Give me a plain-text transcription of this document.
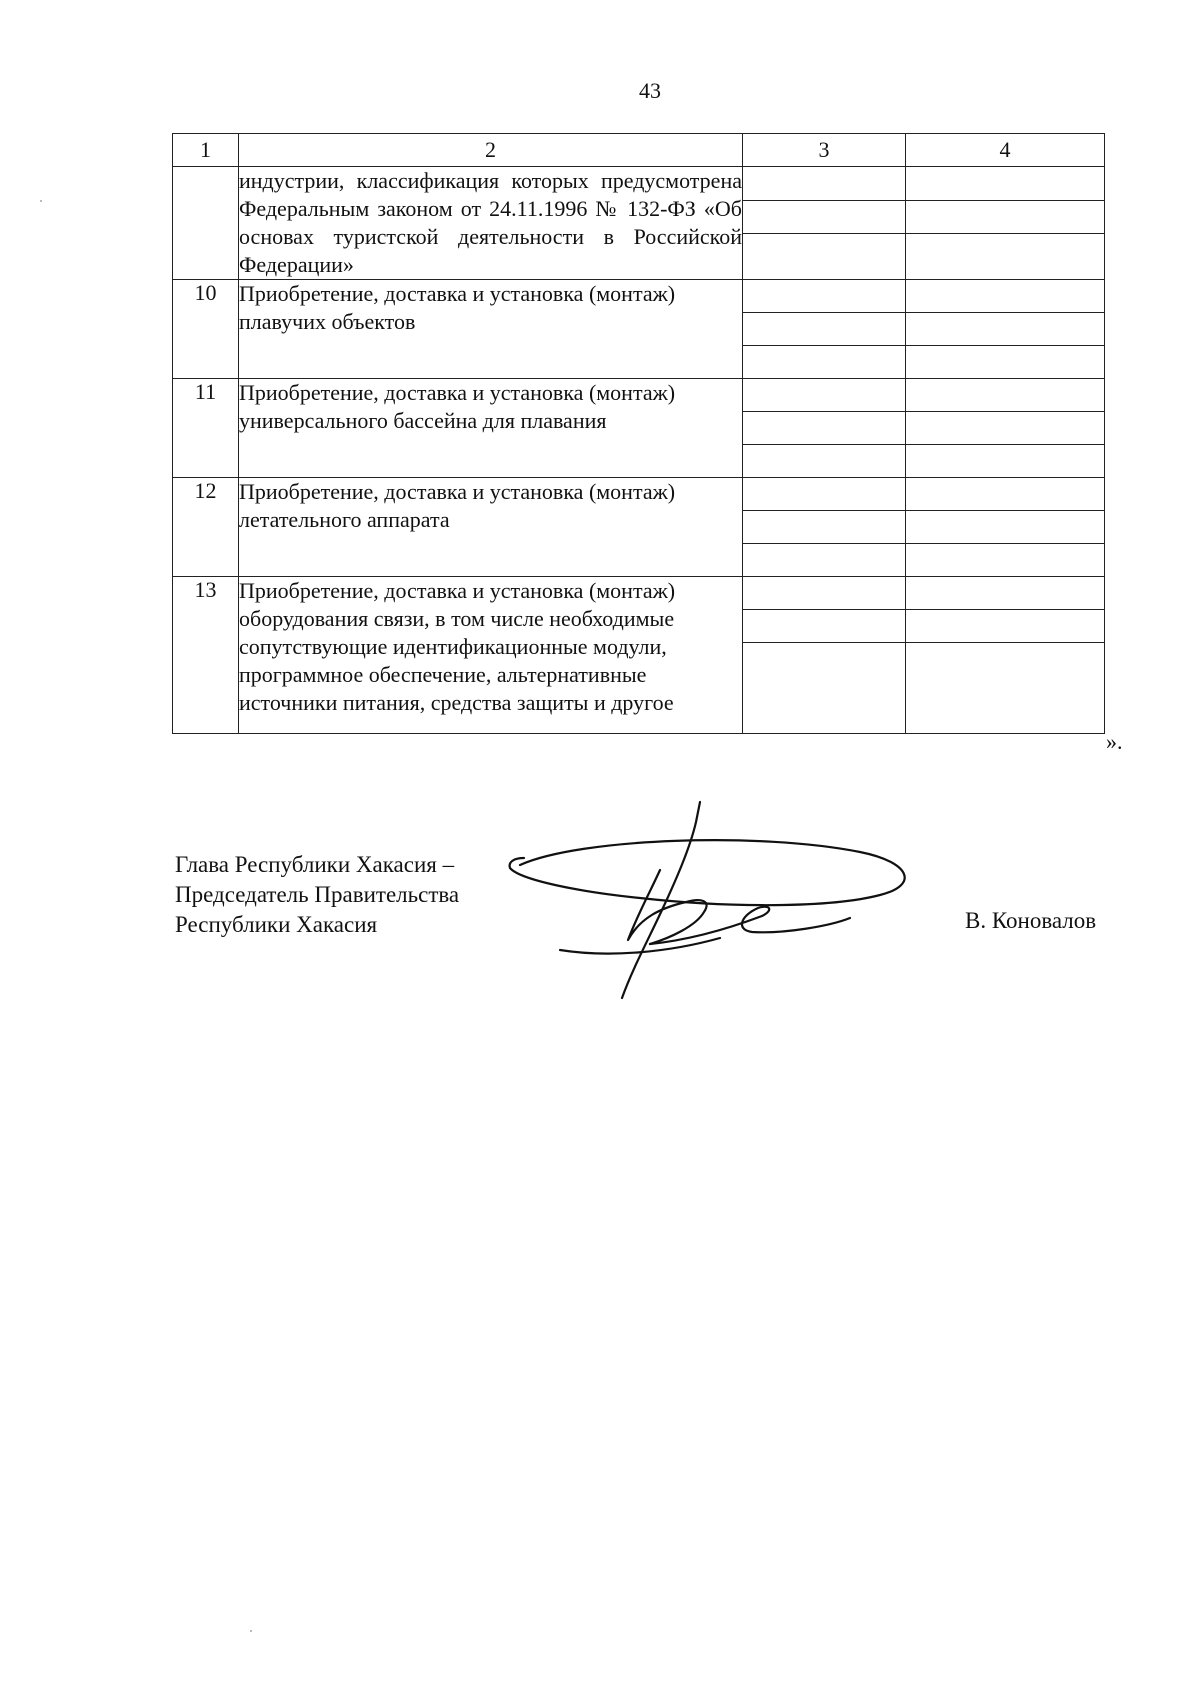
43
1	2	3	4
	индустрии, классификация которых предусмотрена Федеральным законом от 24.11.1996 № 132-ФЗ «Об основах туристской деятельности в Российской Федерации»		

10	Приобретение, доставка и установка (монтаж) плавучих объектов		

11	Приобретение, доставка и установка (монтаж) универсального бассейна для плавания		

12	Приобретение, доставка и установка (монтаж) летательного аппарата		

13	Приобретение, доставка и установка (монтаж) оборудования связи, в том числе необходимые сопутствующие идентификационные модули, программное обеспечение, альтернативные источники питания, средства защиты и другое		

».
Глава Республики Хакасия –
Председатель Правительства
Республики Хакасия	В. Коновалов
